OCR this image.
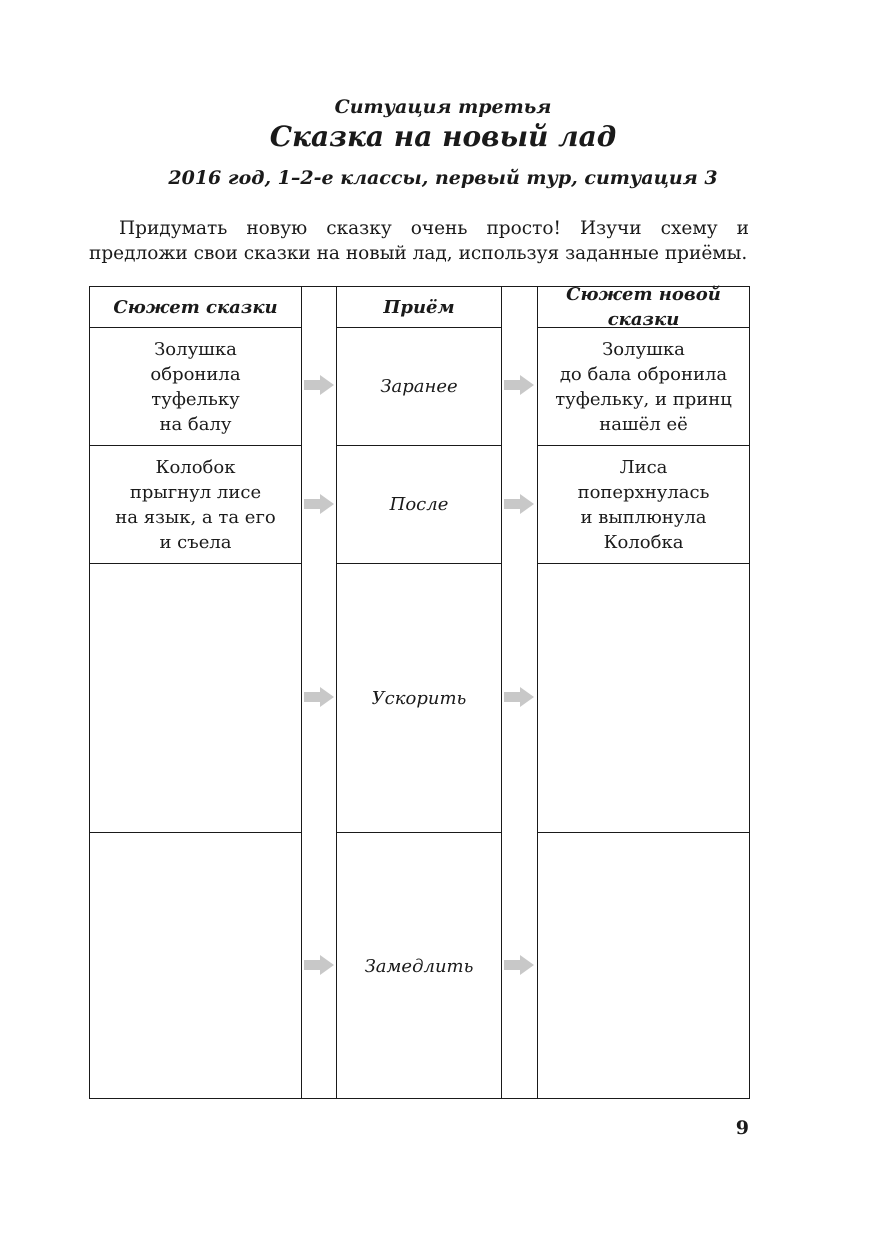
Ситуация третья
Сказка на новый лад
2016 год, 1–2-е классы, первый тур, ситуация 3
Придумать новую сказку очень просто! Изучи схему и предложи свои сказки на новый лад, используя заданные приёмы.
Сюжет сказки
Золушка
обронила
туфельку
на балу
Колобок
прыгнул лисе
на язык, а та его
и съела
Приём
Заранее
После
Ускорить
Замедлить
Сюжет новой сказки
Золушка
до бала обронила
туфельку, и принц
нашёл её
Лиса
поперхнулась
и выплюнула
Колобка
9
